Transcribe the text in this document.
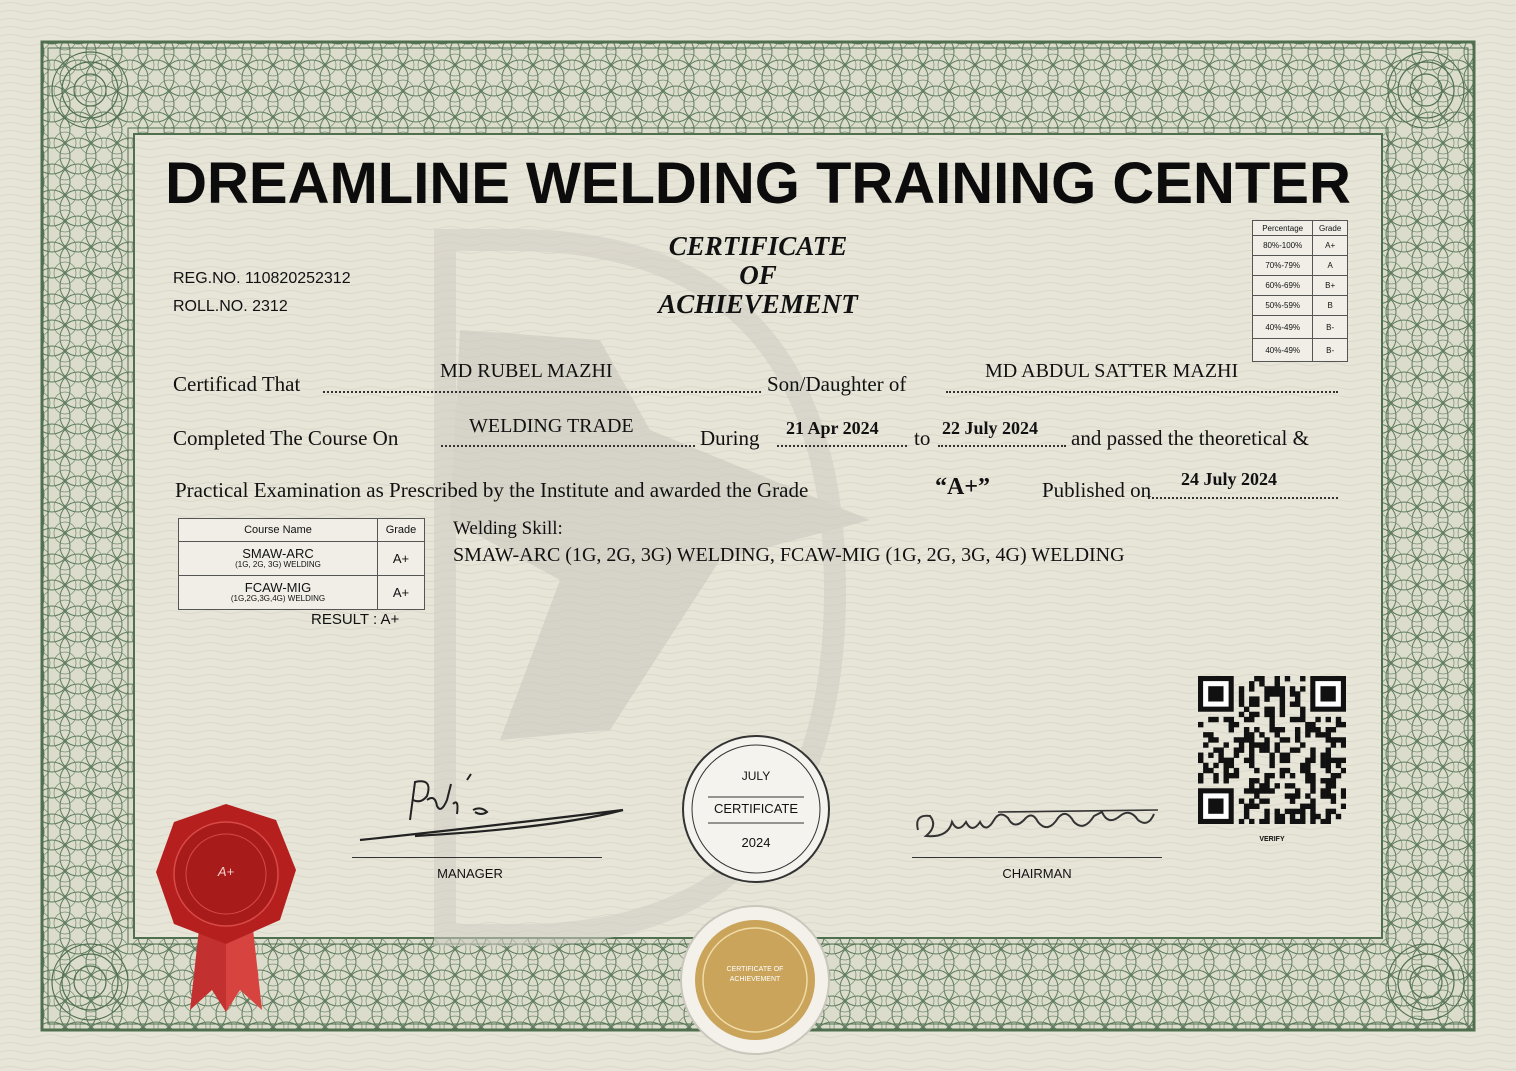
DREAMLINE WELDING TRAINING CENTER
CERTIFICATE
OF
ACHIEVEMENT
REG.NO. 110820252312
ROLL.NO. 2312
Percentage	Grade
80%-100%	A+
70%-79%	A
60%-69%	B+
50%-59%	B
40%-49%	B-
40%-49%	B-
Certificad That
MD RUBEL MAZHI
Son/Daughter of
MD ABDUL SATTER MAZHI
Completed The Course On	WELDING TRADE	During 21 Apr 2024 to 22 July 2024 and passed the theoretical &
Practical Examination as Prescribed by the Institute and awarded the Grade	“A+” Published on 24 July 2024
Course Name	Grade

SMAW-ARC
(1G, 2G, 3G) WELDING	A+

FCAW-MIG
(1G,2G,3G,4G) WELDING	A+
RESULT : A+
Welding Skill:
SMAW-ARC (1G, 2G, 3G) WELDING, FCAW-MIG (1G, 2G, 3G, 4G) WELDING
VERIFY
MANAGER	CHAIRMAN
JULY
CERTIFICATE
2024
CERTIFICATE OF
ACHIEVEMENT
A+
